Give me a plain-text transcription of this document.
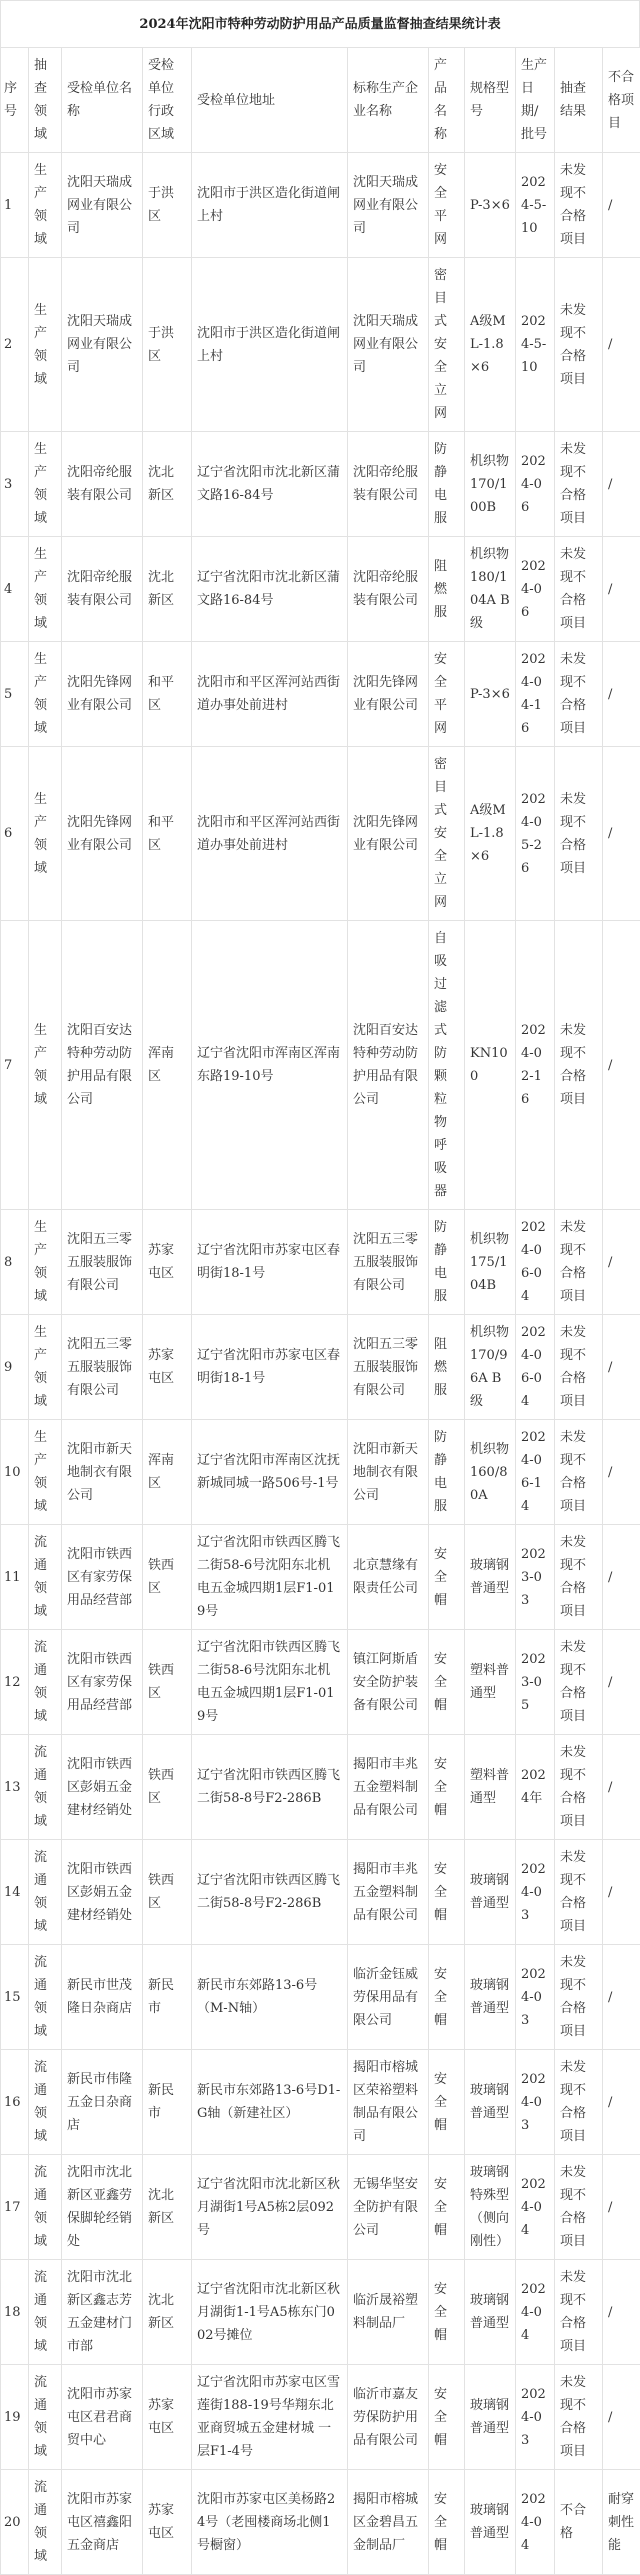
2024年沈阳市特种劳动防护用品产品质量监督抽查结果统计表
序号	抽查领域	受检单位名称	受检单位行政区域	受检单位地址	标称生产企业名称	产品名称	规格型号	生产日期/批号	抽查结果	不合格项目
1	生产领域	沈阳天瑞成网业有限公司	于洪区	沈阳市于洪区造化街道闸上村	沈阳天瑞成网业有限公司	安全平网	P-3×6	2024-5-10	未发现不合格项目	/
2	生产领域	沈阳天瑞成网业有限公司	于洪区	沈阳市于洪区造化街道闸上村	沈阳天瑞成网业有限公司	密目式安全立网	A级ML-1.8×6	2024-5-10	未发现不合格项目	/
3	生产领域	沈阳帝纶服装有限公司	沈北新区	辽宁省沈阳市沈北新区蒲文路16-84号	沈阳帝纶服装有限公司	防静电服	机织物170/100B	2024-06	未发现不合格项目	/
4	生产领域	沈阳帝纶服装有限公司	沈北新区	辽宁省沈阳市沈北新区蒲文路16-84号	沈阳帝纶服装有限公司	阻燃服	机织物180/104A B级	2024-06	未发现不合格项目	/
5	生产领域	沈阳先锋网业有限公司	和平区	沈阳市和平区浑河站西街道办事处前进村	沈阳先锋网业有限公司	安全平网	P-3×6	2024-04-16	未发现不合格项目	/
6	生产领域	沈阳先锋网业有限公司	和平区	沈阳市和平区浑河站西街道办事处前进村	沈阳先锋网业有限公司	密目式安全立网	A级ML-1.8×6	2024-05-26	未发现不合格项目	/
7	生产领域	沈阳百安达特种劳动防护用品有限公司	浑南区	辽宁省沈阳市浑南区浑南东路19-10号	沈阳百安达特种劳动防护用品有限公司	自吸过滤式防颗粒物呼吸器	KN100	2024-02-16	未发现不合格项目	/
8	生产领域	沈阳五三零五服装服饰有限公司	苏家屯区	辽宁省沈阳市苏家屯区春明街18-1号	沈阳五三零五服装服饰有限公司	防静电服	机织物175/104B	2024-06-04	未发现不合格项目	/
9	生产领域	沈阳五三零五服装服饰有限公司	苏家屯区	辽宁省沈阳市苏家屯区春明街18-1号	沈阳五三零五服装服饰有限公司	阻燃服	机织物170/96A B级	2024-06-04	未发现不合格项目	/
10	生产领域	沈阳市新天地制衣有限公司	浑南区	辽宁省沈阳市浑南区沈抚新城同城一路506号-1号	沈阳市新天地制衣有限公司	防静电服	机织物160/80A	2024-06-14	未发现不合格项目	/
11	流通领域	沈阳市铁西区有家劳保用品经营部	铁西区	辽宁省沈阳市铁西区腾飞二街58-6号沈阳东北机电五金城四期1层F1-019号	北京慧缘有限责任公司	安全帽	玻璃钢普通型	2023-03	未发现不合格项目	/
12	流通领域	沈阳市铁西区有家劳保用品经营部	铁西区	辽宁省沈阳市铁西区腾飞二街58-6号沈阳东北机电五金城四期1层F1-019号	镇江阿斯盾安全防护装备有限公司	安全帽	塑料普通型	2023-05	未发现不合格项目	/
13	流通领域	沈阳市铁西区彭娟五金建材经销处	铁西区	辽宁省沈阳市铁西区腾飞二街58-8号F2-286B	揭阳市丰兆五金塑料制品有限公司	安全帽	塑料普通型	2024年	未发现不合格项目	/
14	流通领域	沈阳市铁西区彭娟五金建材经销处	铁西区	辽宁省沈阳市铁西区腾飞二街58-8号F2-286B	揭阳市丰兆五金塑料制品有限公司	安全帽	玻璃钢普通型	2024-03	未发现不合格项目	/
15	流通领域	新民市世茂隆日杂商店	新民市	新民市东郊路13-6号（M-N轴）	临沂金钰威劳保用品有限公司	安全帽	玻璃钢普通型	2024-03	未发现不合格项目	/
16	流通领域	新民市伟隆五金日杂商店	新民市	新民市东郊路13-6号D1-G轴（新建社区）	揭阳市榕城区荣裕塑料制品有限公司	安全帽	玻璃钢普通型	2024-03	未发现不合格项目	/
17	流通领域	沈阳市沈北新区亚鑫劳保脚轮经销处	沈北新区	辽宁省沈阳市沈北新区秋月湖街1号A5栋2层092号	无锡华坚安全防护有限公司	安全帽	玻璃钢特殊型（侧向刚性）	2024-04	未发现不合格项目	/
18	流通领域	沈阳市沈北新区鑫志芳五金建材门市部	沈北新区	辽宁省沈阳市沈北新区秋月湖街1-1号A5栋东门002号摊位	临沂晟裕塑料制品厂	安全帽	玻璃钢普通型	2024-04	未发现不合格项目	/
19	流通领域	沈阳市苏家屯区君君商贸中心	苏家屯区	辽宁省沈阳市苏家屯区雪莲街188-19号华翔东北亚商贸城五金建材城 一层F1-4号	临沂市嘉友劳保防护用品有限公司	安全帽	玻璃钢普通型	2024-03	未发现不合格项目	/
20	流通领域	沈阳市苏家屯区禧鑫阳五金商店	苏家屯区	沈阳市苏家屯区美杨路24号（老囤楼商场北侧1号橱窗）	揭阳市榕城区金碧昌五金制品厂	安全帽	玻璃钢普通型	2024-04	不合格	耐穿刺性能
